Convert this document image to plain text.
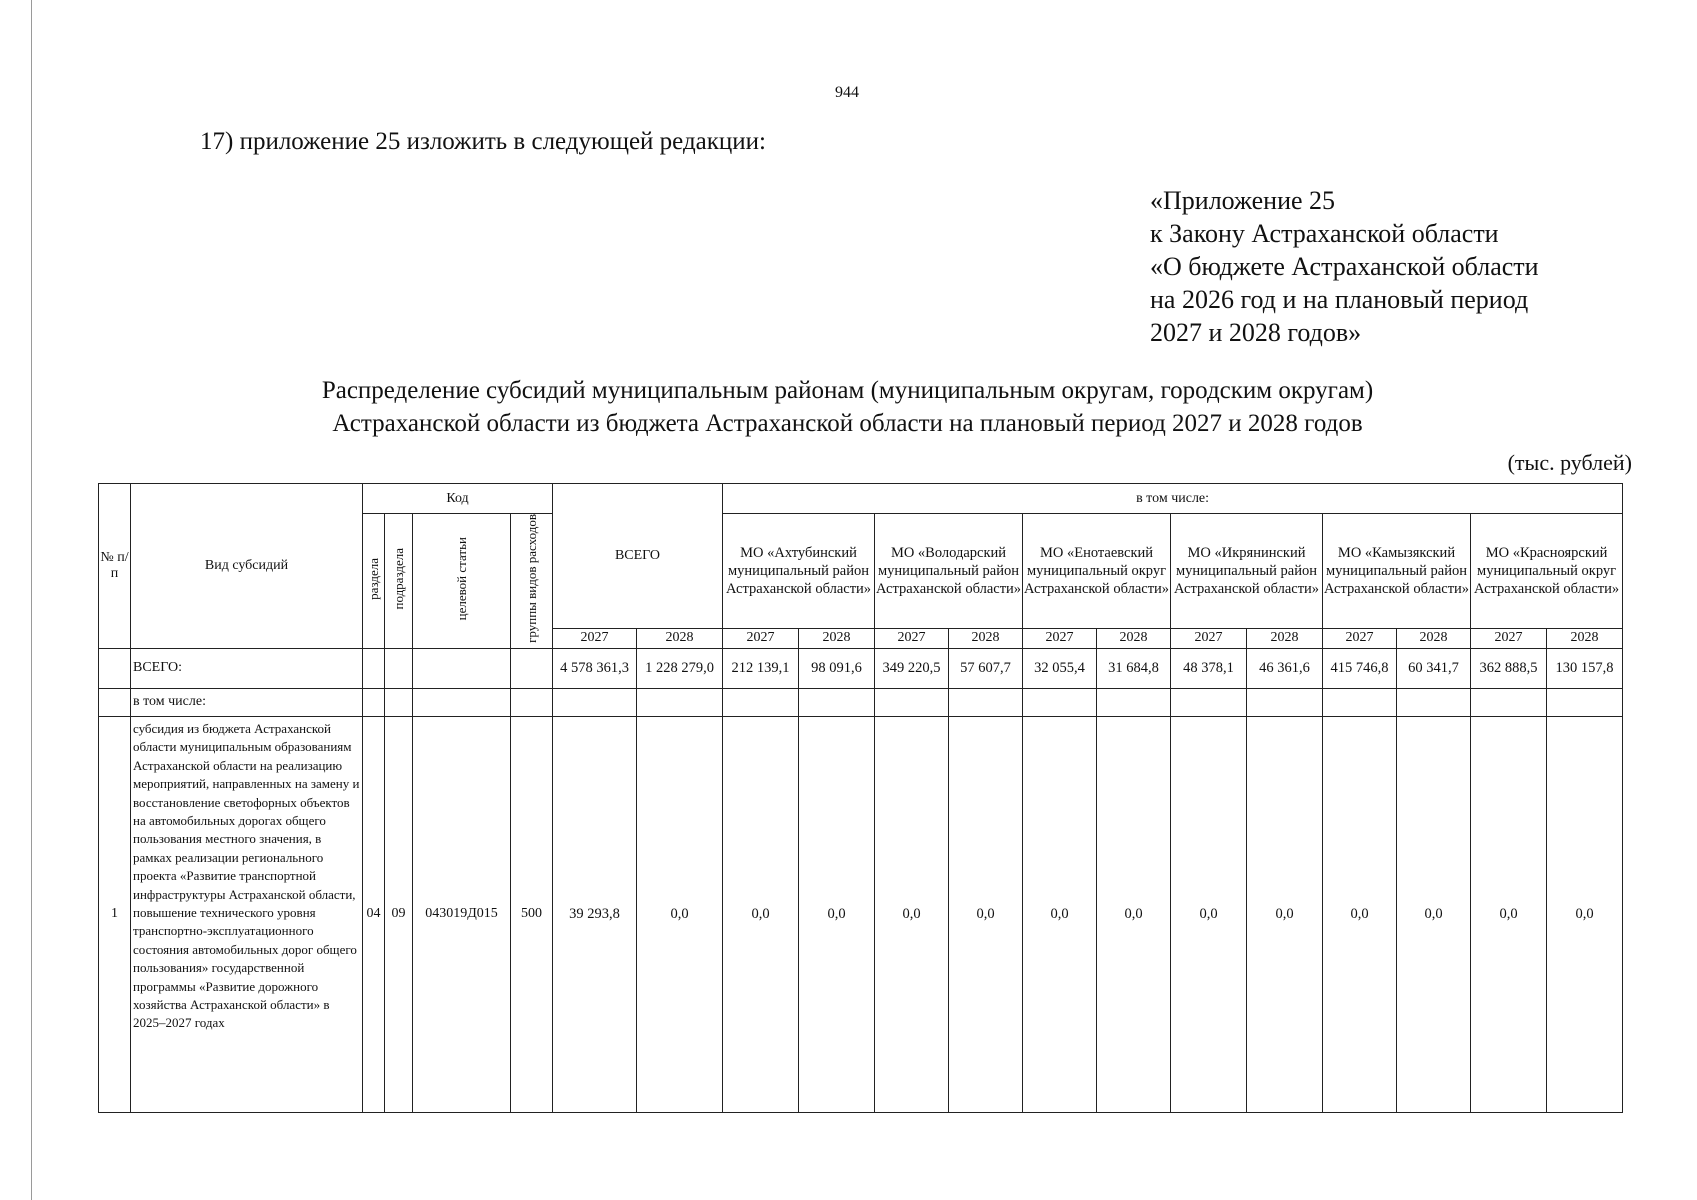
944
17) приложение 25 изложить в следующей редакции:
«Приложение 25
к Закону Астраханской области
«О бюджете Астраханской области
на 2026 год и на плановый период
2027 и 2028 годов»
Распределение субсидий муниципальным районам (муниципальным округам, городским округам)
Астраханской области из бюджета Астраханской области на плановый период 2027 и 2028 годов
(тыс. рублей)
№ п/п	Вид субсидий	Код				ВСЕГО		в том числе:											
		раздела	подраздела	целевой статьи	группы видов расходов			МО «Ахтубинский муниципальный район Астраханской области»		МО «Володарский муниципальный район Астраханской области»		МО «Енотаевский муниципальный округ Астраханской области»		МО «Икрянинский муниципальный район Астраханской области»		МО «Камызякский муниципальный район Астраханской области»		МО «Красноярский муниципальный округ Астраханской области»	
						2027	2028	2027	2028	2027	2028	2027	2028	2027	2028	2027	2028	2027	2028
	ВСЕГО:					4 578 361,3	1 228 279,0	212 139,1	98 091,6	349 220,5	57 607,7	32 055,4	31 684,8	48 378,1	46 361,6	415 746,8	60 341,7	362 888,5	130 157,8
	в том числе:																		
1	субсидия из бюджета Астраханской области муниципальным образованиям Астраханской области на реализацию мероприятий, направленных на замену и восстановление светофорных объектов на автомобильных дорогах общего пользования местного значения, в рамках реализации регионального проекта «Развитие транспортной инфраструктуры Астраханской области, повышение технического уровня транспортно-эксплуатационного состояния автомобильных дорог общего пользования» государственной программы «Развитие дорожного хозяйства Астраханской области» в 2025–2027 годах	04	09	043019Д015	500	39 293,8	0,0	0,0	0,0	0,0	0,0	0,0	0,0	0,0	0,0	0,0	0,0	0,0	0,0
